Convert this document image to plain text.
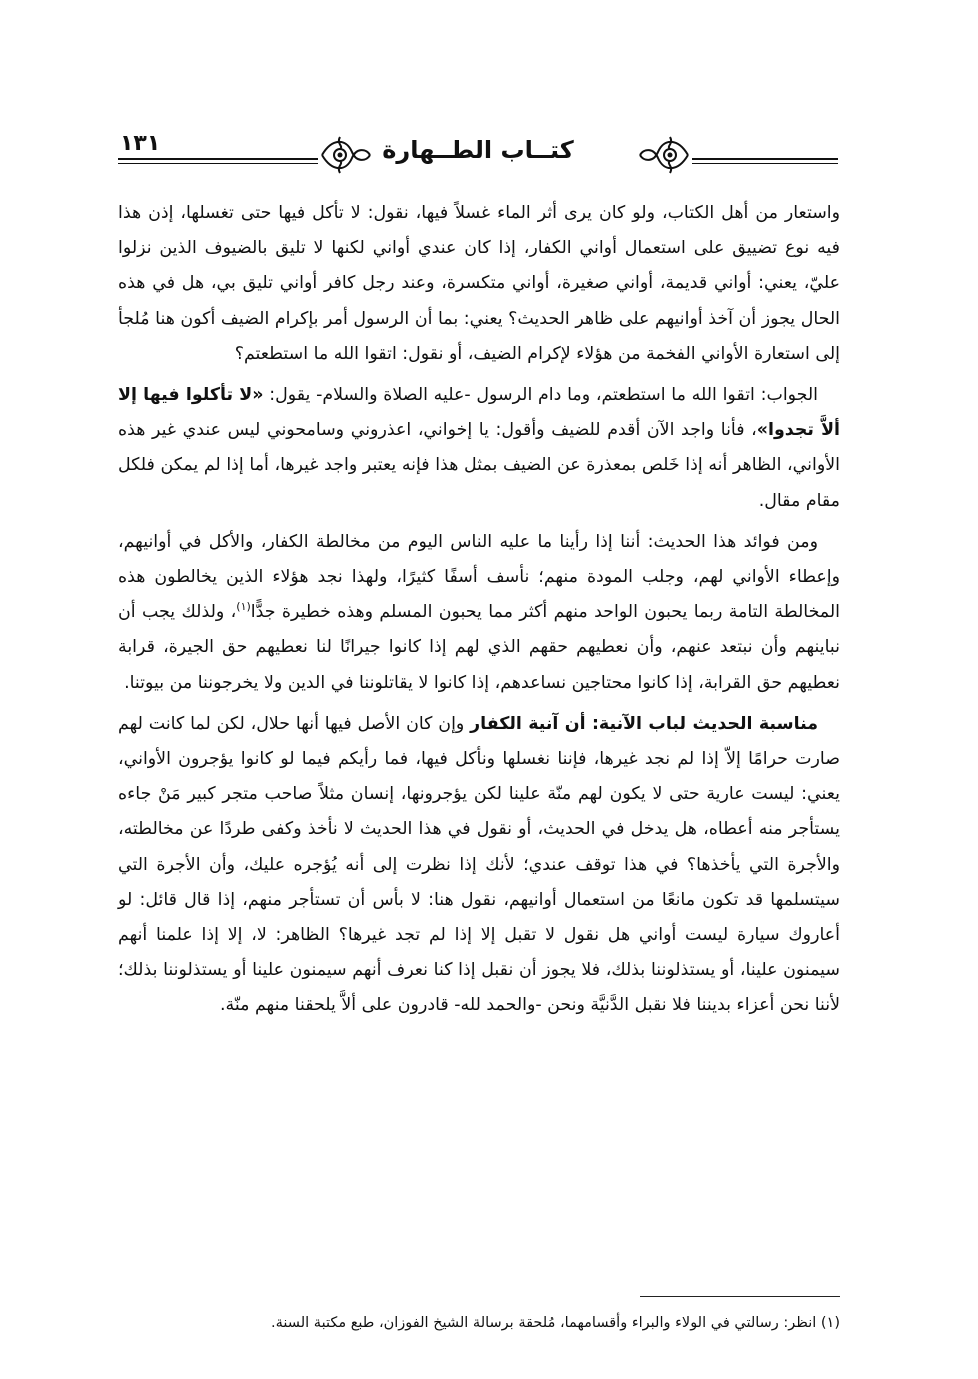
١٣١	كتــاب الطــهارة

واستعار من أهل الكتاب، ولو كان يرى أثر الماء غسلاً فيها، نقول: لا تأكل فيها حتى تغسلها، إذن هذا فيه نوع تضييق على استعمال أواني الكفار، إذا كان عندي أواني لكنها لا تليق بالضيوف الذين نزلوا عليّ، يعني: أواني قديمة، أواني صغيرة، أواني متكسرة، وعند رجل كافر أواني تليق بي، هل في هذه الحال يجوز أن آخذ أوانيهم على ظاهر الحديث؟ يعني: بما أن الرسول أمر بإكرام الضيف أكون هنا مُلجأ إلى استعارة الأواني الفخمة من هؤلاء لإكرام الضيف، أو نقول: اتقوا الله ما استطعتم؟

الجواب: اتقوا الله ما استطعتم، وما دام الرسول -عليه الصلاة والسلام- يقول: «لا تأكلوا فيها إلا ألاَّ تجدوا»، فأنا واجد الآن أقدم للضيف وأقول: يا إخواني، اعذروني وسامحوني ليس عندي غير هذه الأواني، الظاهر أنه إذا خَلص بمعذرة عن الضيف بمثل هذا فإنه يعتبر واجد غيرها، أما إذا لم يمكن فلكل مقام مقال.

ومن فوائد هذا الحديث: أننا إذا رأينا ما عليه الناس اليوم من مخالطة الكفار، والأكل في أوانيهم، وإعطاء الأواني لهم، وجلب المودة منهم؛ نأسف أسفًا كثيرًا، ولهذا نجد هؤلاء الذين يخالطون هذه المخالطة التامة ربما يحبون الواحد منهم أكثر مما يحبون المسلم وهذه خطيرة جدًّا$^{(١)}$، ولذلك يجب أن نباينهم وأن نبتعد عنهم، وأن نعطيهم حقهم الذي لهم إذا كانوا جيرانًا لنا نعطيهم حق الجيرة، قرابة نعطيهم حق القرابة، إذا كانوا محتاجين نساعدهم، إذا كانوا لا يقاتلوننا في الدين ولا يخرجوننا من بيوتنا.

مناسبة الحديث لباب الآنية: أن آنية الكفار وإن كان الأصل فيها أنها حلال، لكن لما كانت لهم صارت حرامًا إلاّ إذا لم نجد غيرها، فإننا نغسلها ونأكل فيها، فما رأيكم فيما لو كانوا يؤجرون الأواني، يعني: ليست عارية حتى لا يكون لهم منّة علينا لكن يؤجرونها، إنسان مثلاً صاحب متجر كبير مَنْ جاءه يستأجر منه أعطاه، هل يدخل في الحديث، أو نقول في هذا الحديث لا نأخذ وكفى طردًا عن مخالطته، والأجرة التي يأخذها؟ في هذا توقف عندي؛ لأنك إذا نظرت إلى أنه يُؤجره عليك، وأن الأجرة التي سيتسلمها قد تكون مانعًا من استعمال أوانيهم، نقول هنا: لا بأس أن تستأجر منهم، إذا قال قائل: لو أعاروك سيارة ليست أواني هل نقول لا تقبل إلا إذا لم تجد غيرها؟ الظاهر: لا، إلا إذا علمنا أنهم سيمنون علينا، أو يستذلوننا بذلك، فلا يجوز أن نقبل إذا كنا نعرف أنهم سيمنون علينا أو يستذلوننا بذلك؛ لأننا نحن أعزاء بديننا فلا نقبل الدَّنيَّة ونحن -والحمد لله- قادرون على ألاَّ يلحقنا منهم منّة.

(١) انظر: رسالتي في الولاء والبراء وأقسامهما، مُلحقة برسالة الشيخ الفوزان، طبع مكتبة السنة.
